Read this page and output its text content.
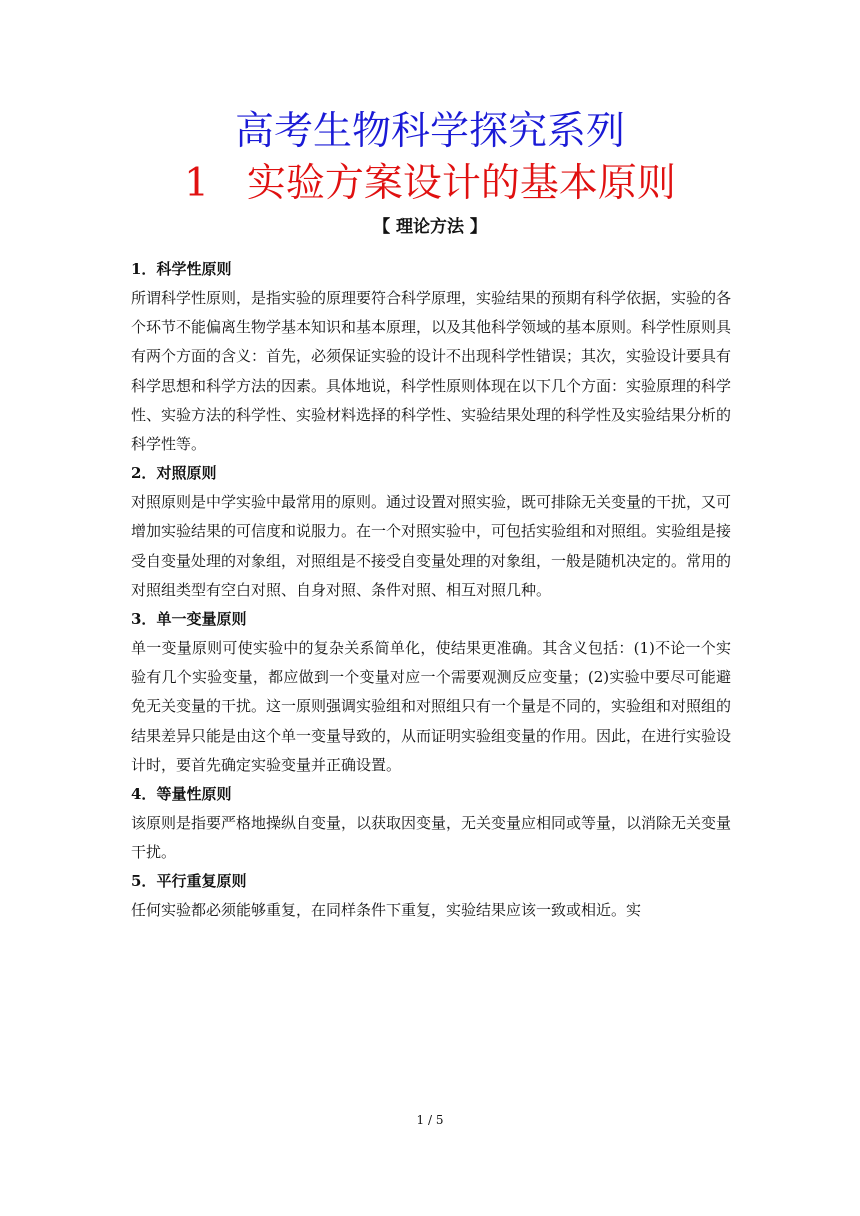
高考生物科学探究系列
1 实验方案设计的基本原则
【 理论方法 】
1．科学性原则
所谓科学性原则，是指实验的原理要符合科学原理，实验结果的预期有科学依据，实验的各个环节不能偏离生物学基本知识和基本原理，以及其他科学领域的基本原则。科学性原则具有两个方面的含义：首先，必须保证实验的设计不出现科学性错误；其次，实验设计要具有科学思想和科学方法的因素。具体地说，科学性原则体现在以下几个方面：实验原理的科学性、实验方法的科学性、实验材料选择的科学性、实验结果处理的科学性及实验结果分析的科学性等。
2．对照原则
对照原则是中学实验中最常用的原则。通过设置对照实验，既可排除无关变量的干扰，又可增加实验结果的可信度和说服力。在一个对照实验中，可包括实验组和对照组。实验组是接受自变量处理的对象组，对照组是不接受自变量处理的对象组，一般是随机决定的。常用的对照组类型有空白对照、自身对照、条件对照、相互对照几种。
3．单一变量原则
单一变量原则可使实验中的复杂关系简单化，使结果更准确。其含义包括：(1)不论一个实验有几个实验变量，都应做到一个变量对应一个需要观测反应变量；(2)实验中要尽可能避免无关变量的干扰。这一原则强调实验组和对照组只有一个量是不同的，实验组和对照组的结果差异只能是由这个单一变量导致的，从而证明实验组变量的作用。因此，在进行实验设计时，要首先确定实验变量并正确设置。
4．等量性原则
该原则是指要严格地操纵自变量，以获取因变量，无关变量应相同或等量，以消除无关变量干扰。
5．平行重复原则
任何实验都必须能够重复，在同样条件下重复，实验结果应该一致或相近。实
1 / 5
